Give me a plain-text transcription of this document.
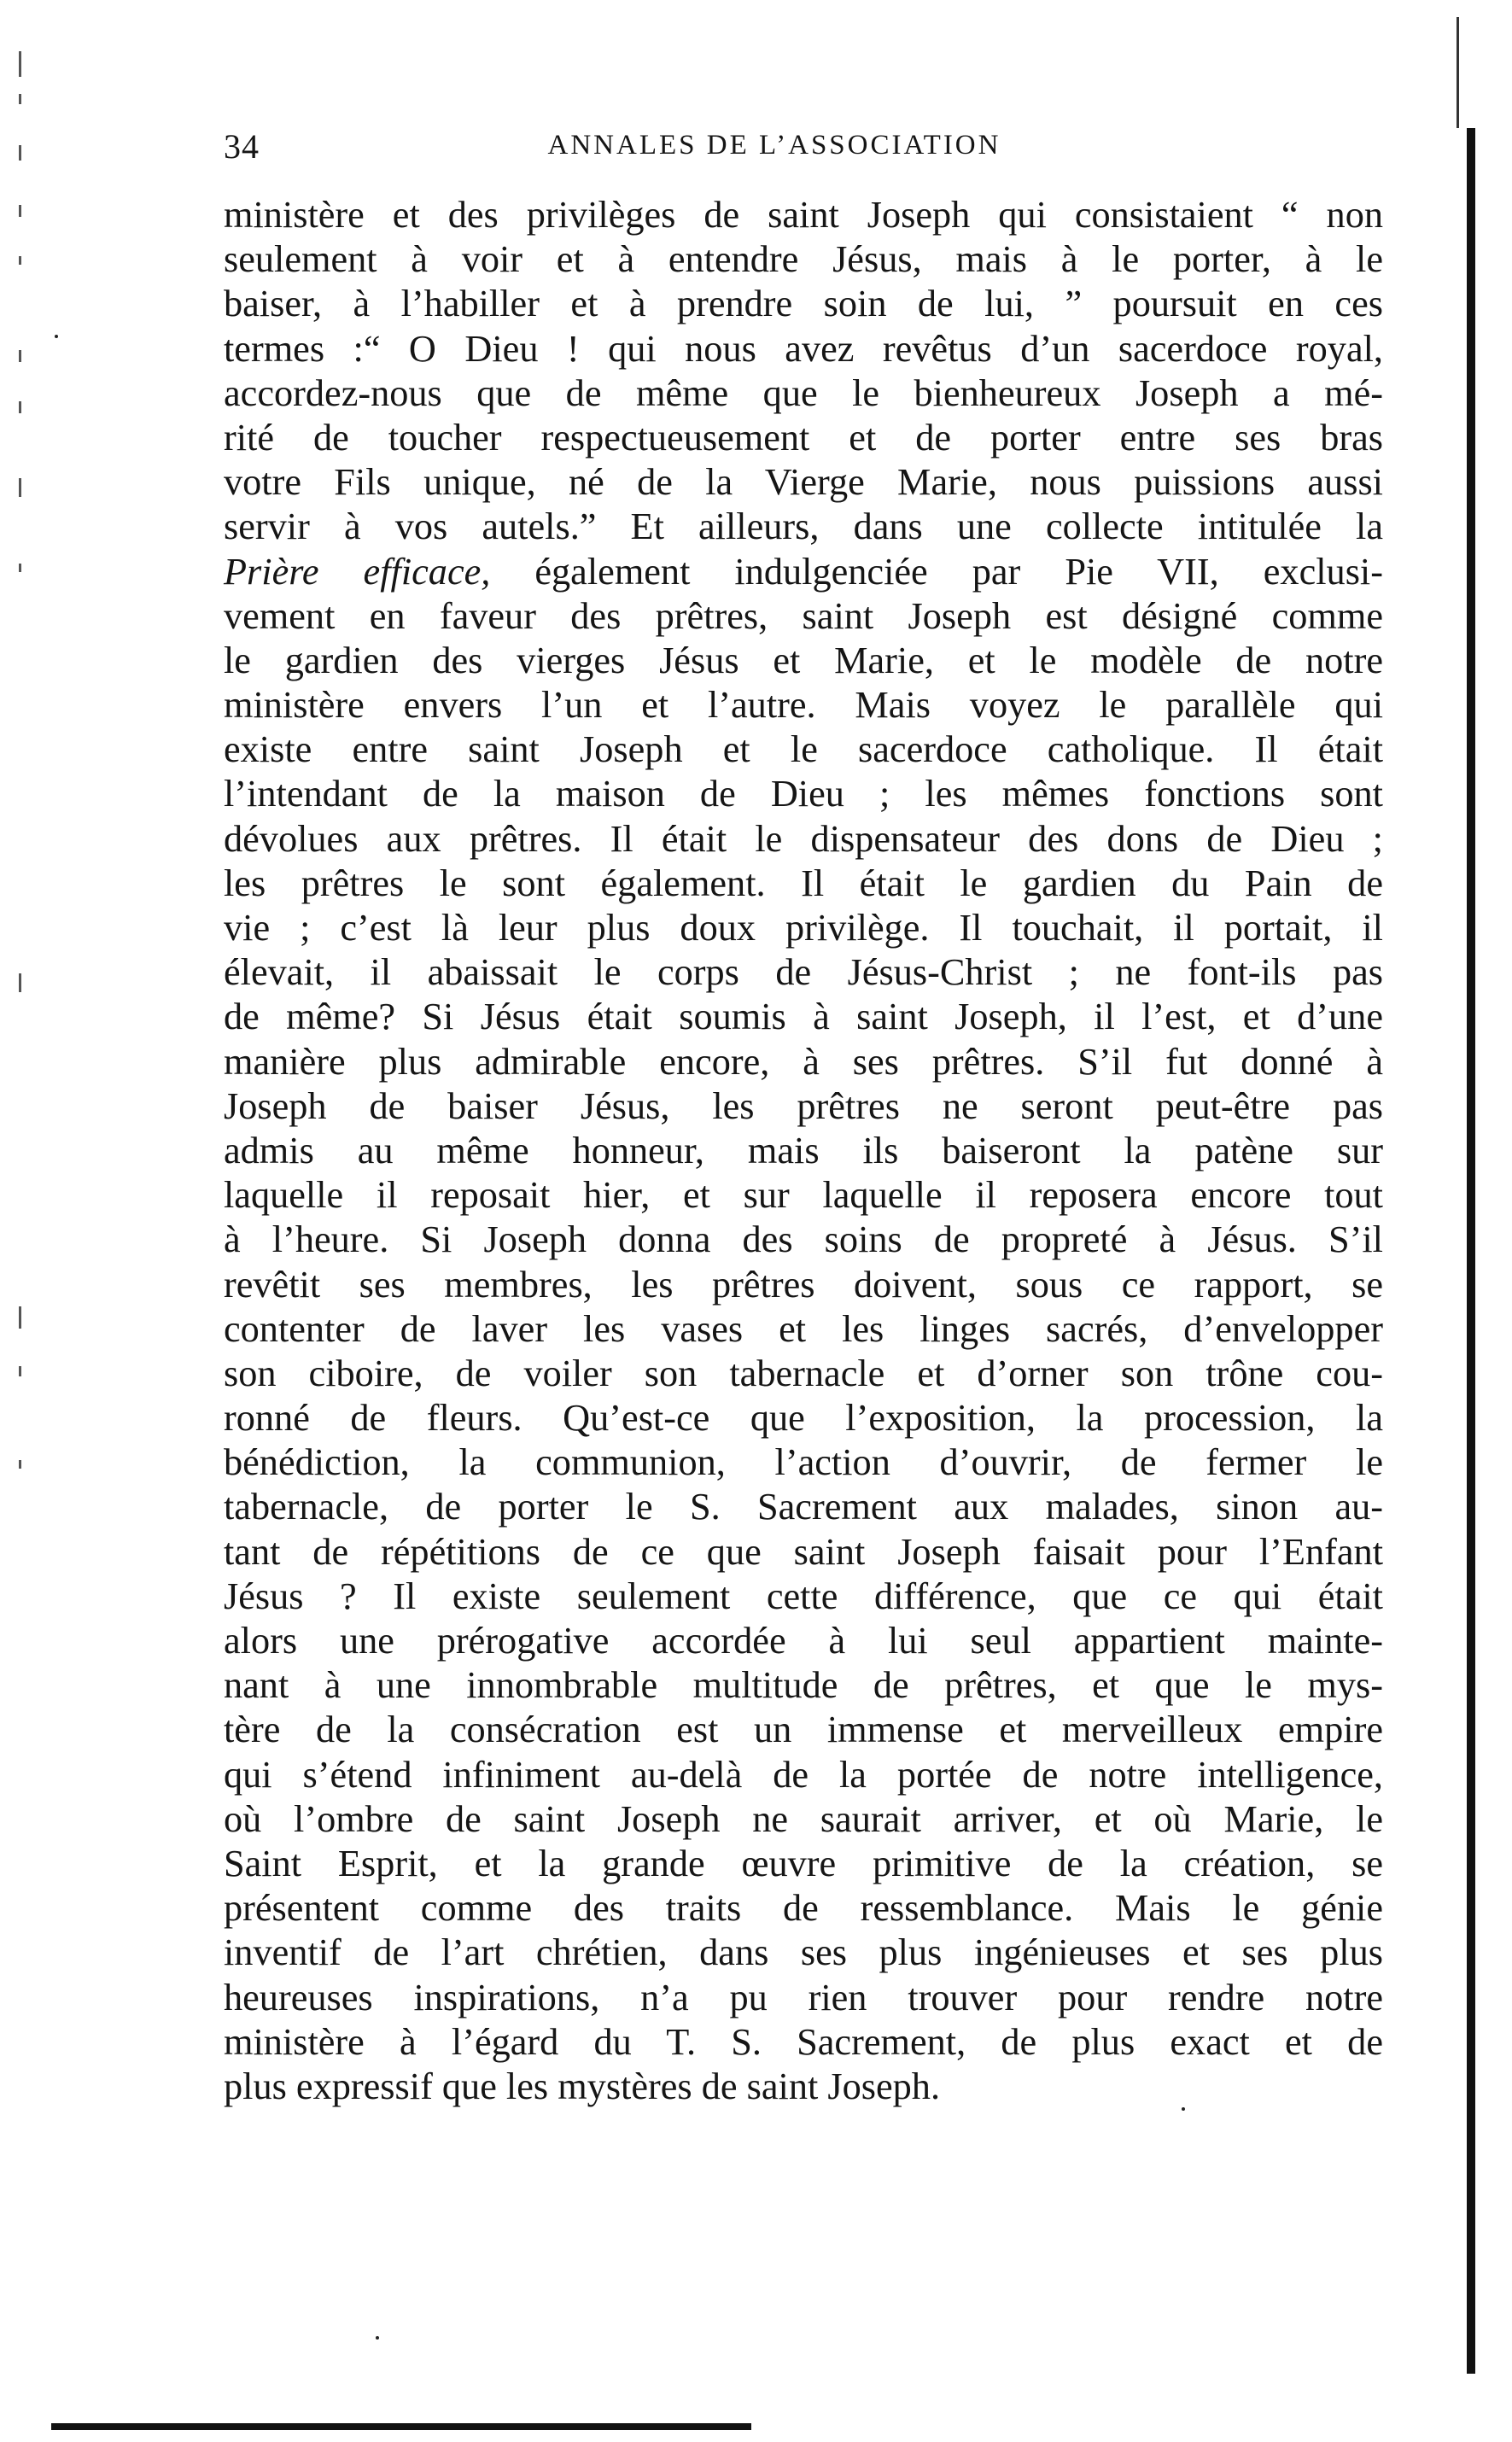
34	ANNALES DE L’ASSOCIATION
ministère et des privilèges de saint Joseph qui consistaient “ non
seulement à voir et à entendre Jésus, mais à le porter, à le
baiser, à l’habiller et à prendre soin de lui, ” poursuit en ces
termes :“ O Dieu ! qui nous avez revêtus d’un sacerdoce royal,
accordez-nous que de même que le bienheureux Joseph a mé-
rité de toucher respectueusement et de porter entre ses bras
votre Fils unique, né de la Vierge Marie, nous puissions aussi
servir à vos autels.” Et ailleurs, dans une collecte intitulée la
Prière efficace, également indulgenciée par Pie VII, exclusi-
vement en faveur des prêtres, saint Joseph est désigné comme
le gardien des vierges Jésus et Marie, et le modèle de notre
ministère envers l’un et l’autre. Mais voyez le parallèle qui
existe entre saint Joseph et le sacerdoce catholique. Il était
l’intendant de la maison de Dieu ; les mêmes fonctions sont
dévolues aux prêtres. Il était le dispensateur des dons de Dieu ;
les prêtres le sont également. Il était le gardien du Pain de
vie ; c’est là leur plus doux privilège. Il touchait, il portait, il
élevait, il abaissait le corps de Jésus-Christ ; ne font-ils pas
de même? Si Jésus était soumis à saint Joseph, il l’est, et d’une
manière plus admirable encore, à ses prêtres. S’il fut donné à
Joseph de baiser Jésus, les prêtres ne seront peut-être pas
admis au même honneur, mais ils baiseront la patène sur
laquelle il reposait hier, et sur laquelle il reposera encore tout
à l’heure. Si Joseph donna des soins de propreté à Jésus. S’il
revêtit ses membres, les prêtres doivent, sous ce rapport, se
contenter de laver les vases et les linges sacrés, d’envelopper
son ciboire, de voiler son tabernacle et d’orner son trône cou-
ronné de fleurs. Qu’est-ce que l’exposition, la procession, la
bénédiction, la communion, l’action d’ouvrir, de fermer le
tabernacle, de porter le S. Sacrement aux malades, sinon au-
tant de répétitions de ce que saint Joseph faisait pour l’Enfant
Jésus ? Il existe seulement cette différence, que ce qui était
alors une prérogative accordée à lui seul appartient mainte-
nant à une innombrable multitude de prêtres, et que le mys-
tère de la consécration est un immense et merveilleux empire
qui s’étend infiniment au-delà de la portée de notre intelligence,
où l’ombre de saint Joseph ne saurait arriver, et où Marie, le
Saint Esprit, et la grande œuvre primitive de la création, se
présentent comme des traits de ressemblance. Mais le génie
inventif de l’art chrétien, dans ses plus ingénieuses et ses plus
heureuses inspirations, n’a pu rien trouver pour rendre notre
ministère à l’égard du T. S. Sacrement, de plus exact et de
plus expressif que les mystères de saint Joseph.
